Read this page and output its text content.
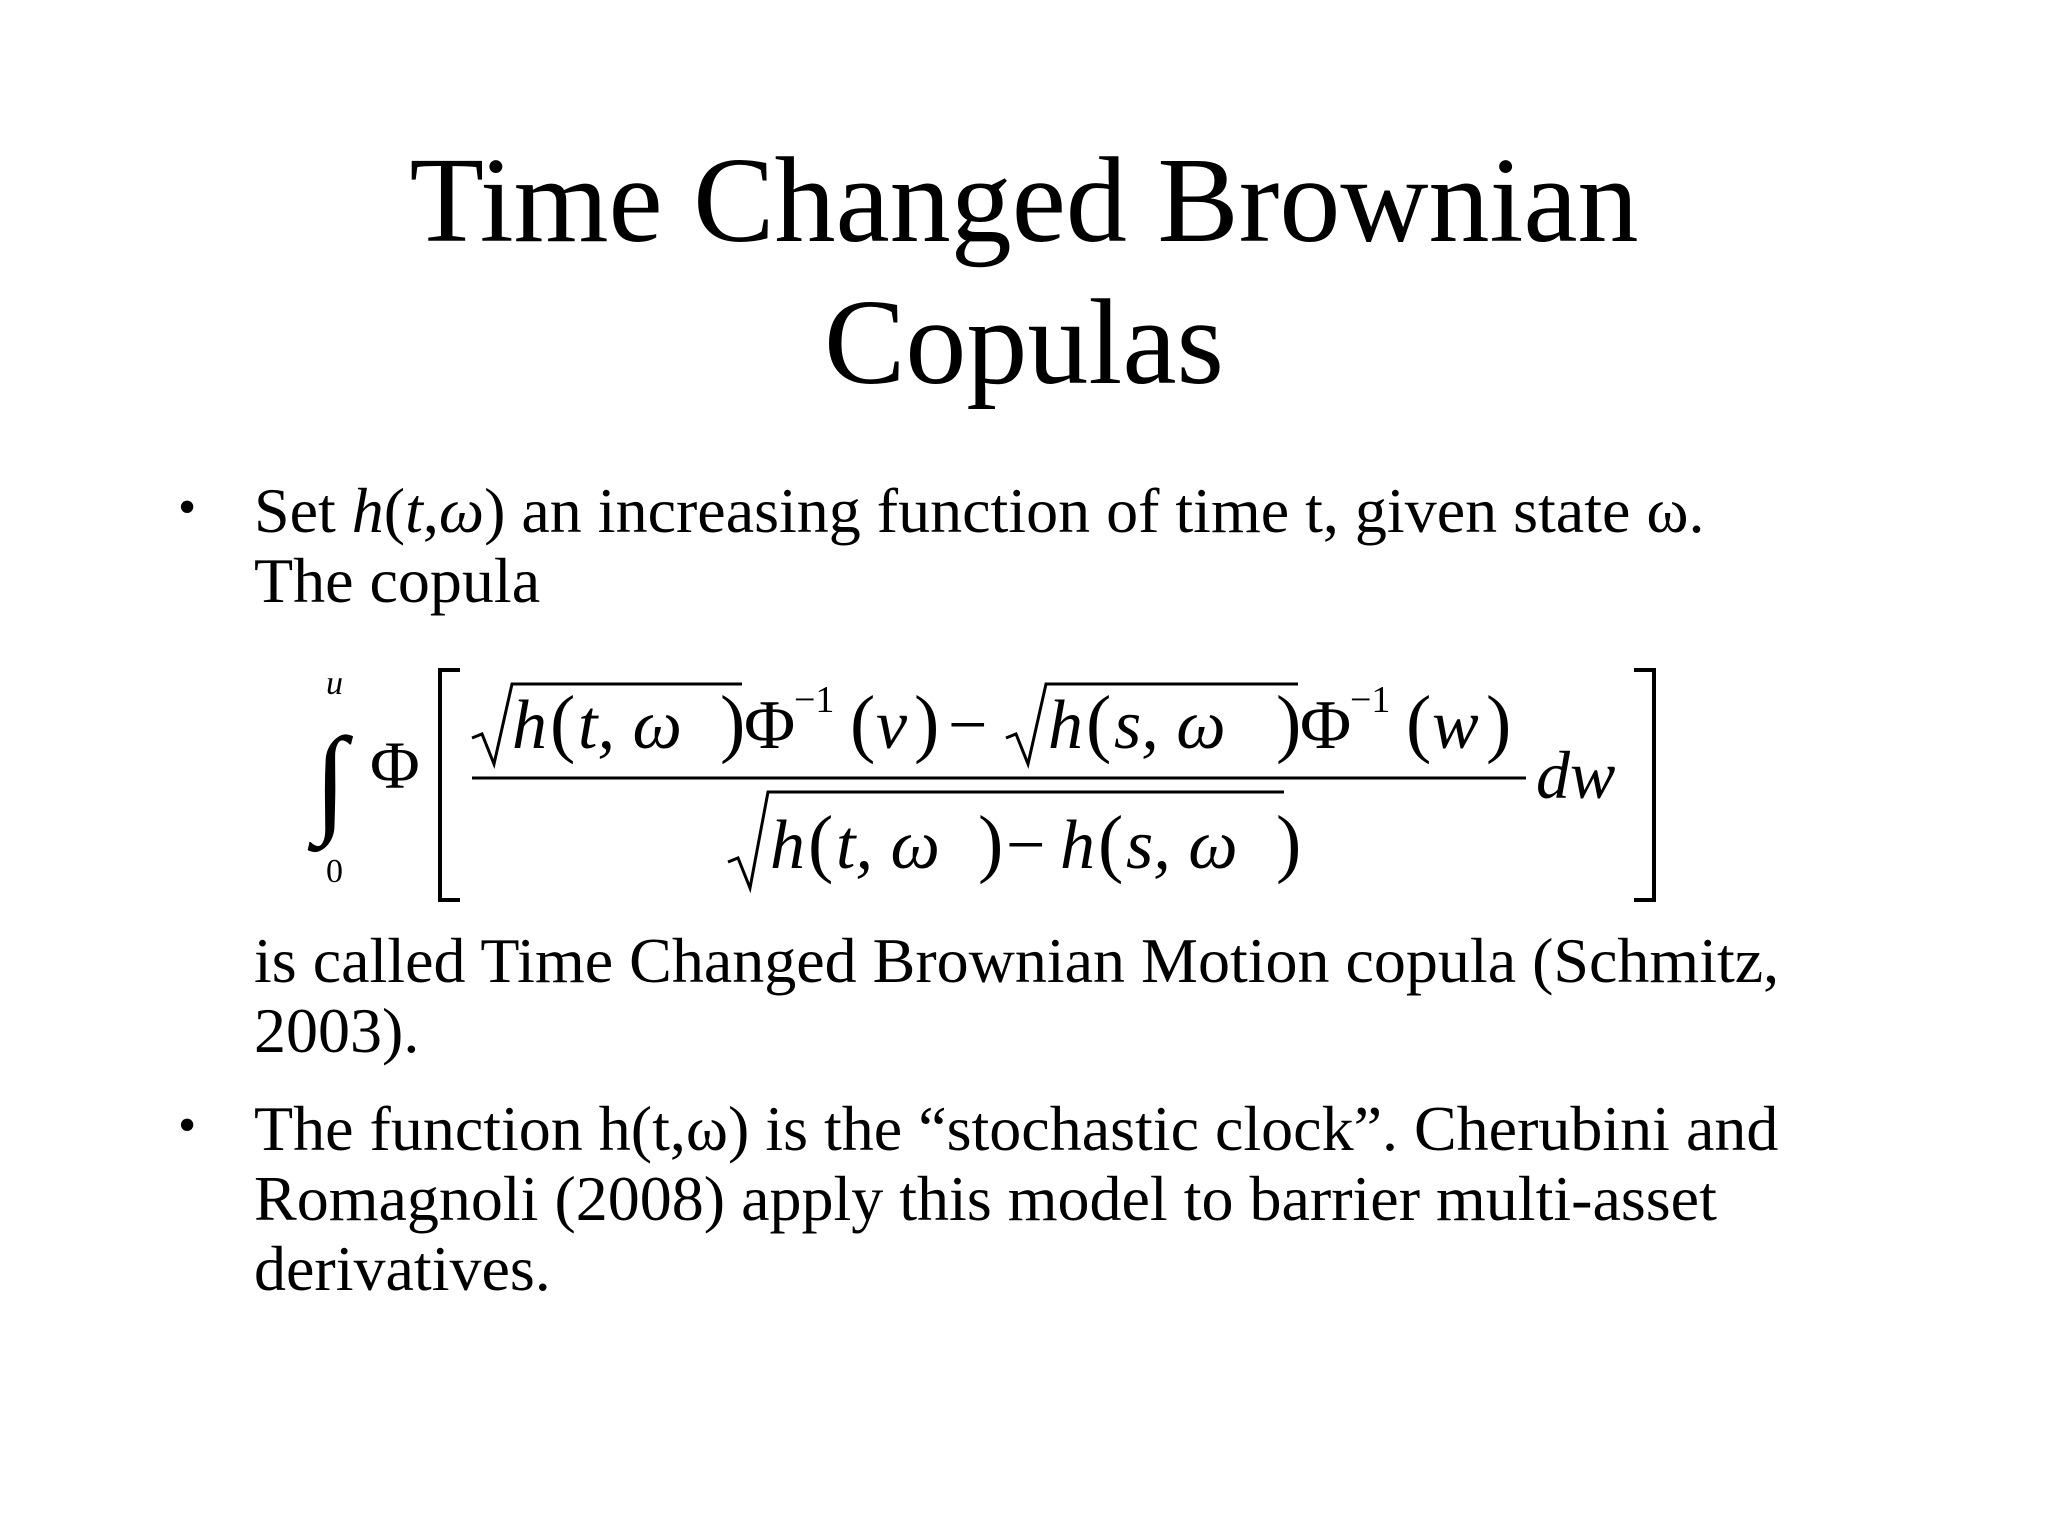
Time Changed Brownian
Copulas
• Set h(t,ω) an increasing function of time t, given state ω.
The copula
u
∫
0
Φ
h ( t, ω )
Φ
−1 ( v ) − h ( s, ω )
Φ
−1 ( w )
h ( t, ω ) − h ( s, ω )
dw
is called Time Changed Brownian Motion copula (Schmitz,
2003).
• The function h(t,ω) is the “stochastic clock”. Cherubini and
Romagnoli (2008) apply this model to barrier multi-asset
derivatives.
